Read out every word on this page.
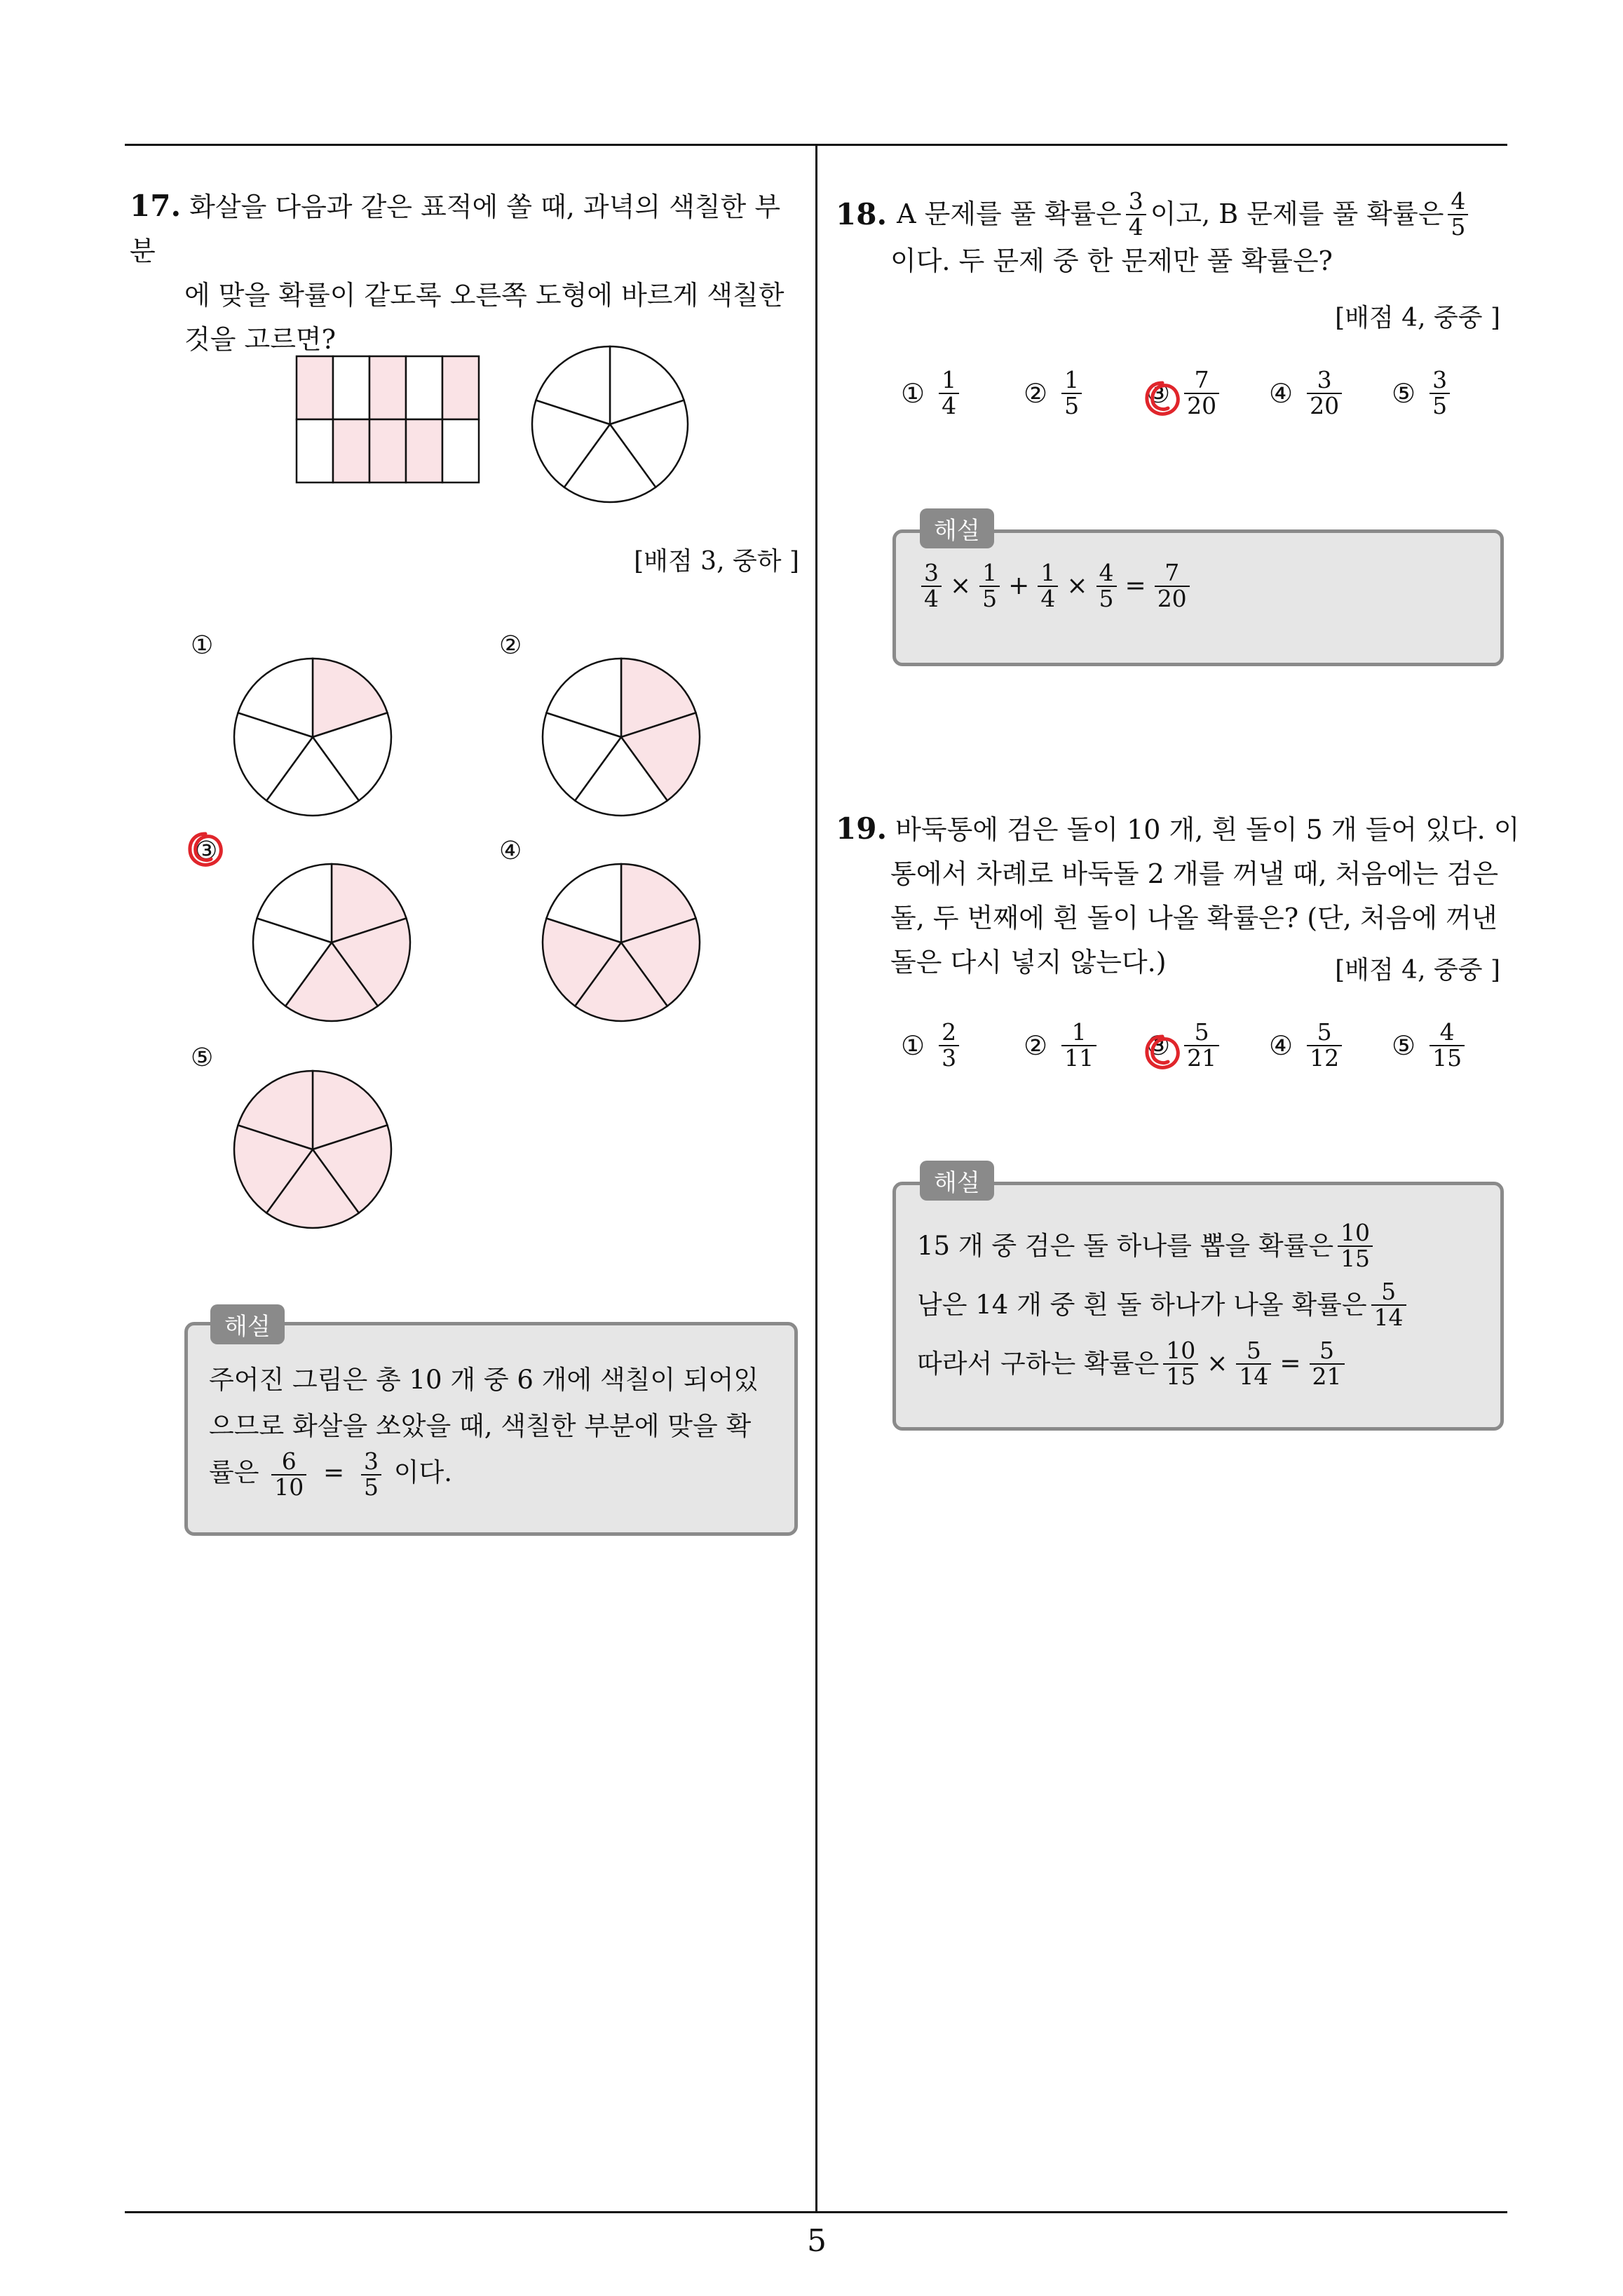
5
17. 화살을 다음과 같은 표적에 쏠 때, 과녁의 색칠한 부분
에 맞을 확률이 같도록 오른쪽 도형에 바르게 색칠한
것을 고르면?
[배점 3, 중하 ]
①	②
③	④
⑤
해설
주어진 그림은 총 10 개 중 6 개에 색칠이 되어있
으므로 화살을 쏘았을 때, 색칠한 부분에 맞을 확
률은 $\frac{6}{10} = \frac{3}{5}$ 이다.
18. A 문제를 풀 확률은 $\frac{3}{4}$ 이고, B 문제를 풀 확률은 $\frac{4}{5}$
이다. 두 문제 중 한 문제만 풀 확률은?
[배점 4, 중중 ]
① $\frac{1}{4}$ ② $\frac{1}{5}$ ③ $\frac{7}{20}$ ④ $\frac{3}{20}$ ⑤ $\frac{3}{5}$
해설
$\frac{3}{4} \times \frac{1}{5} + \frac{1}{4} \times \frac{4}{5} = \frac{7}{20}$
19. 바둑통에 검은 돌이 10 개, 흰 돌이 5 개 들어 있다. 이
통에서 차례로 바둑돌 2 개를 꺼낼 때, 처음에는 검은
돌, 두 번째에 흰 돌이 나올 확률은? (단, 처음에 꺼낸
돌은 다시 넣지 않는다.)	[배점 4, 중중 ]
① $\frac{2}{3}$ ② $\frac{1}{11}$ ③ $\frac{5}{21}$ ④ $\frac{5}{12}$ ⑤ $\frac{4}{15}$
해설
15 개 중 검은 돌 하나를 뽑을 확률은 $\frac{10}{15}$
남은 14 개 중 흰 돌 하나가 나올 확률은 $\frac{5}{14}$
따라서 구하는 확률은 $\frac{10}{15} \times \frac{5}{14} = \frac{5}{21}$
